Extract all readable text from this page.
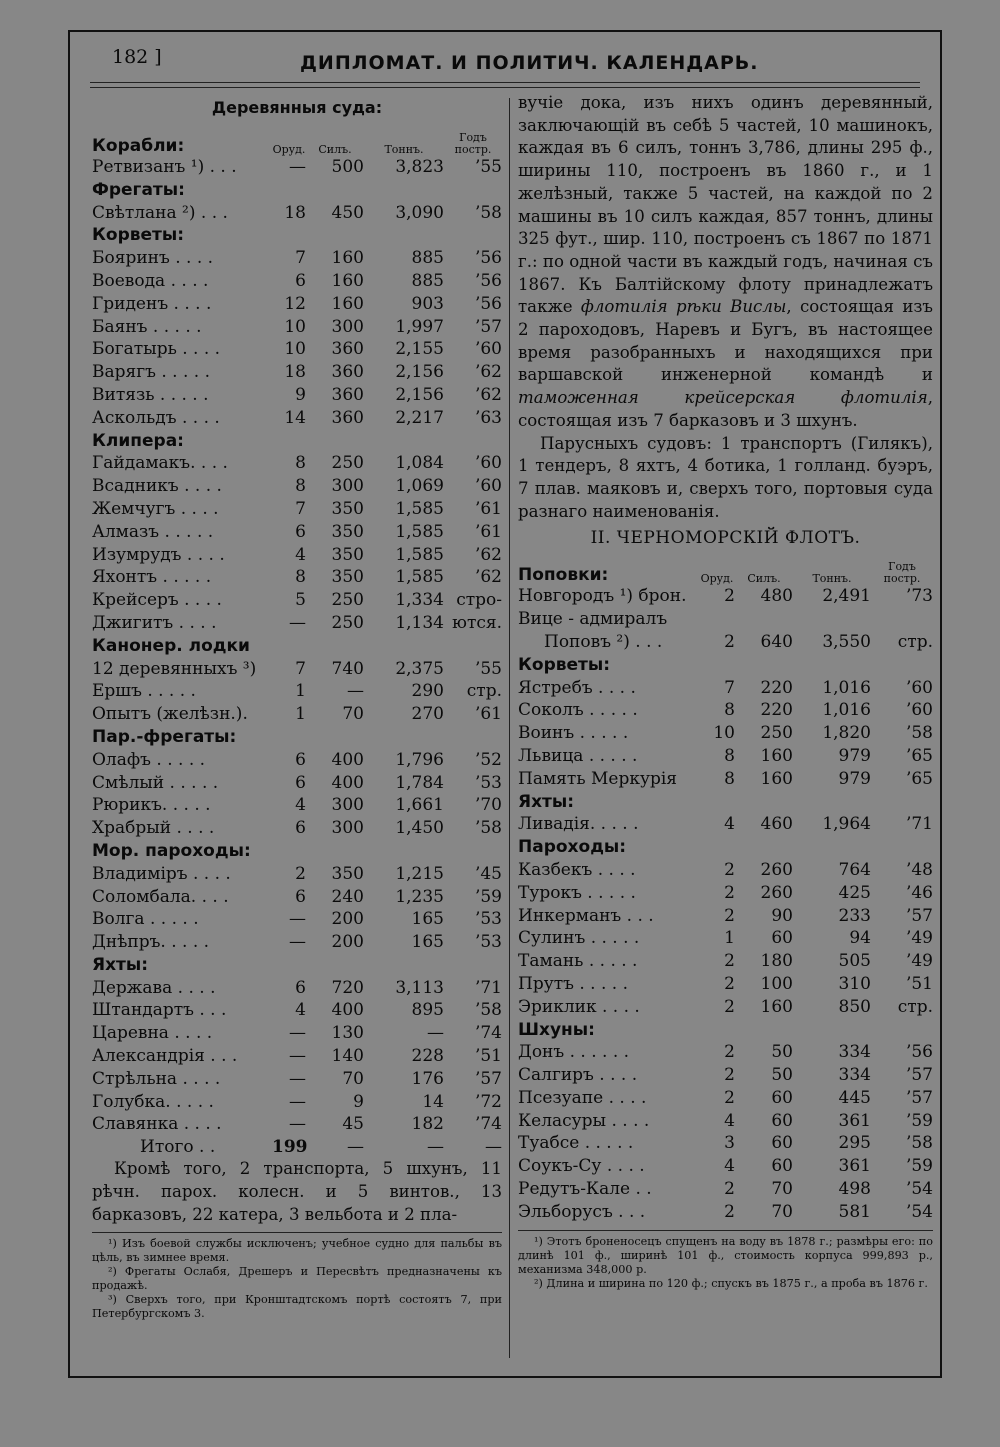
182 ]	ДИПЛОМАТ. И ПОЛИТИЧ. КАЛЕНДАРЬ.
Деревянныя суда:
Корабли:	Оруд.	Силъ.	Тоннъ.
Годъ постр.
Ретвизанъ ¹) . . .	—	500	3,823	’55
Фрегаты:
Свѣтлана ²) . . .	18	450	3,090	’58
Корветы:
Бояринъ . . . .	7	160	885	’56
Воевода . . . .	6	160	885	’56
Гриденъ . . . .	12	160	903	’56
Баянъ . . . . .	10	300	1,997	’57
Богатырь . . . .	10	360	2,155	’60
Варягъ . . . . .	18	360	2,156	’62
Витязь . . . . .	9	360	2,156	’62
Аскольдъ . . . .	14	360	2,217	’63
Клипера:
Гайдамакъ. . . .	8	250	1,084	’60
Всадникъ . . . .	8	300	1,069	’60
Жемчугъ . . . .	7	350	1,585	’61
Алмазъ . . . . .	6	350	1,585	’61
Изумрудъ . . . .	4	350	1,585	’62
Яхонтъ . . . . .	8	350	1,585	’62
Крейсеръ . . . .	5	250	1,334 стро-
Джигитъ . . . .	—	250	1,134 ются.
Канонер. лодки
12 деревянныхъ ³)	7	740	2,375	’55
Ершъ . . . . .	1	—	290	стр.
Опытъ (желѣзн.).	1	70	270	’61
Пар.-фрегаты:
Олафъ . . . . .	6	400	1,796	’52
Смѣлый . . . . .	6	400	1,784	’53
Рюрикъ. . . . .	4	300	1,661	’70
Храбрый . . . .	6	300	1,450	’58
Мор. пароходы:
Владиміръ . . . .	2	350	1,215	’45
Соломбала. . . .	6	240	1,235	’59
Волга . . . . .	—	200	165	’53
Днѣпръ. . . . .	—	200	165	’53
Яхты:
Держава . . . .	6	720	3,113	’71
Штандартъ . . .	4	400	895	’58
Царевна . . . .	—	130	—	’74
Александрія . . .	—	140	228	’51
Стрѣльна . . . .	—	70	176	’57
Голубка. . . . .	—	9	14	’72
Славянка . . . .	—	45	182	’74
Итого . .	199	—	—	—
Кромѣ того, 2 транспорта, 5 шхунъ, 11 рѣчн. парох. колесн. и 5 винтов., 13 барказовъ, 22 катера, 3 вельбота и 2 пла-
¹) Изъ боевой службы исключенъ; учебное судно для пальбы въ цѣль, въ зимнее время.
²) Фрегаты Ослабя, Дрешеръ и Пересвѣтъ предназначены къ продажѣ.
³) Сверхъ того, при Кронштадтскомъ портѣ состоятъ 7, при Петербургскомъ 3.
вучіе дока, изъ нихъ одинъ деревянный, заключающій въ себѣ 5 частей, 10 машинокъ, каждая въ 6 силъ, тоннъ 3,786, длины 295 ф., ширины 110, построенъ въ 1860 г., и 1 желѣзный, также 5 частей, на каждой по 2 машины въ 10 силъ каждая, 857 тоннъ, длины 325 фут., шир. 110, построенъ съ 1867 по 1871 г.: по одной части въ каждый годъ, начиная съ 1867. Къ Балтійскому флоту принадлежатъ также флотилія рѣки Вислы, состоящая изъ 2 пароходовъ, Наревъ и Бугъ, въ настоящее время разобранныхъ и находящихся при варшавской инженерной командѣ и таможенная крейсерская флотилія, состоящая изъ 7 барказовъ и 3 шхунъ.
Парусныхъ судовъ: 1 транспортъ (Гилякъ), 1 тендеръ, 8 яхтъ, 4 ботика, 1 голланд. буэръ, 7 плав. маяковъ и, сверхъ того, портовыя суда разнаго наименованія.
II. ЧЕРНОМОРСКІЙ ФЛОТЪ.
Поповки:	Оруд.	Силъ.	Тоннъ.
Годъ постр.
Новгородъ ¹) брон.	2	480	2,491	’73
Вице - адмиралъ
Поповъ ²) . . .	2	640	3,550	стр.
Корветы:
Ястребъ . . . .	7	220	1,016	’60
Соколъ . . . . .	8	220	1,016	’60
Воинъ . . . . .	10	250	1,820	’58
Львица . . . . .	8	160	979	’65
Память Меркурія	8	160	979	’65
Яхты:
Ливадія. . . . .	4	460	1,964	’71
Пароходы:
Казбекъ . . . .	2	260	764	’48
Турокъ . . . . .	2	260	425	’46
Инкерманъ . . .	2	90	233	’57
Сулинъ . . . . .	1	60	94	’49
Тамань . . . . .	2	180	505	’49
Прутъ . . . . .	2	100	310	’51
Эриклик . . . .	2	160	850	стр.
Шхуны:
Донъ . . . . . .	2	50	334	’56
Салгиръ . . . .	2	50	334	’57
Псезуапе . . . .	2	60	445	’57
Келасуры . . . .	4	60	361	’59
Туабсе . . . . .	3	60	295	’58
Соукъ-Су . . . .	4	60	361	’59
Редутъ-Кале . .	2	70	498	’54
Эльборусъ . . .	2	70	581	’54
¹) Этотъ броненосецъ спущенъ на воду въ 1878 г.; размѣры его: по длинѣ 101 ф., ширинѣ 101 ф., стоимость корпуса 999,893 р., механизма 348,000 р.
²) Длина и ширина по 120 ф.; спускъ въ 1875 г., а проба въ 1876 г.
